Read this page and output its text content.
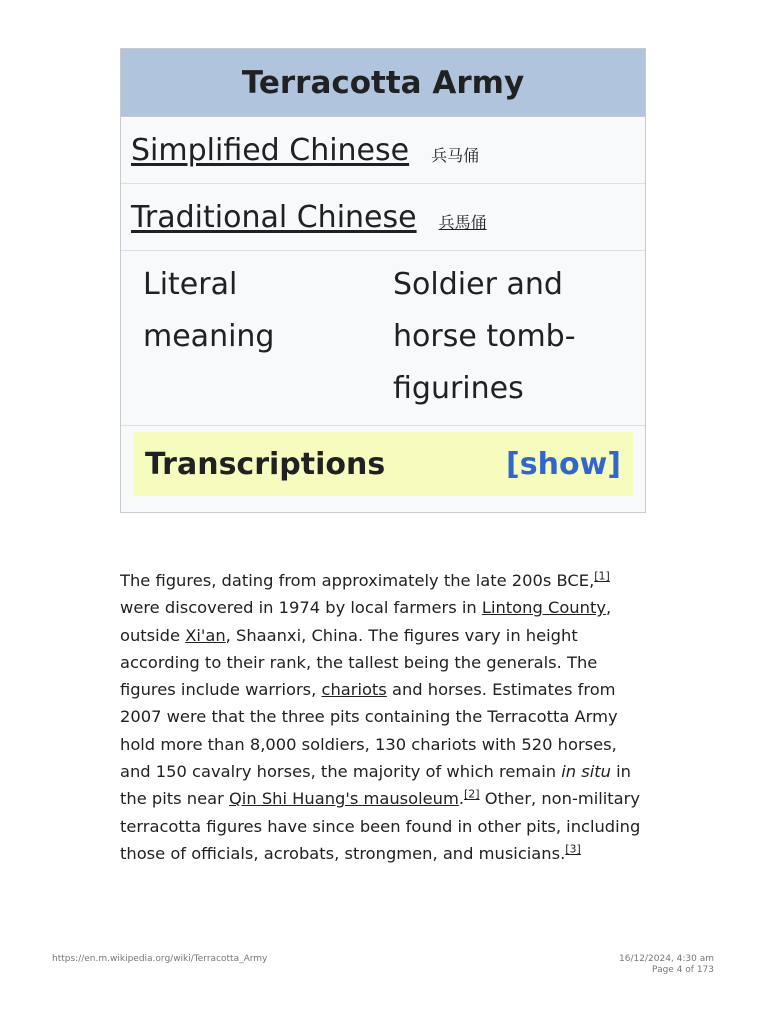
Terracotta Army
Simplified Chinese 兵马俑
Traditional Chinese 兵馬俑
Literal meaning
Soldier and horse tomb-figurines
Transcriptions	[show]
The figures, dating from approximately the late 200s BCE,[1] were discovered in 1974 by local farmers in Lintong County, outside Xi'an, Shaanxi, China. The figures vary in height according to their rank, the tallest being the generals. The figures include warriors, chariots and horses. Estimates from 2007 were that the three pits containing the Terracotta Army hold more than 8,000 soldiers, 130 chariots with 520 horses, and 150 cavalry horses, the majority of which remain in situ in the pits near Qin Shi Huang's mausoleum.[2] Other, non-military terracotta figures have since been found in other pits, including those of officials, acrobats, strongmen, and musicians.[3]
https://en.m.wikipedia.org/wiki/Terracotta_Army	16/12/2024, 4:30 am
Page 4 of 173
